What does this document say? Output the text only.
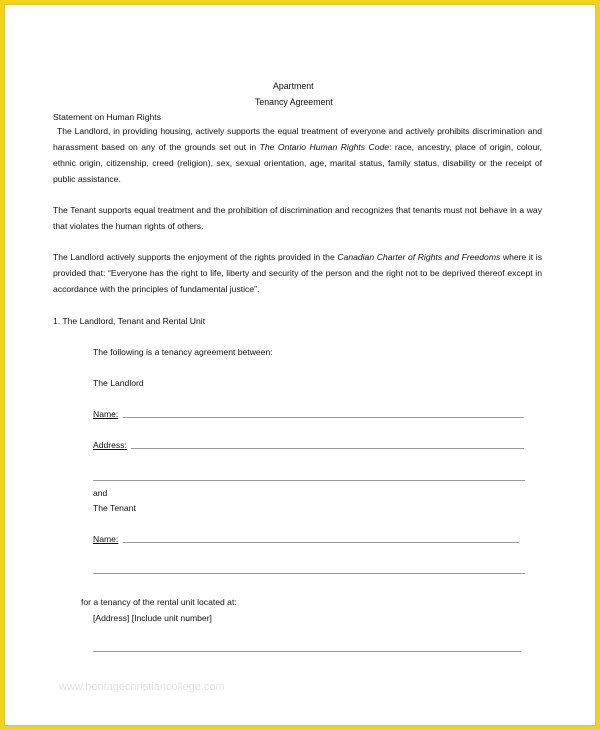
Apartment
Tenancy Agreement
Statement on Human Rights

The Landlord, in providing housing, actively supports the equal treatment of everyone and actively prohibits discrimination and harassment based on any of the grounds set out in The Ontario Human Rights Code: race, ancestry, place of origin, colour, ethnic origin, citizenship, creed (religion), sex, sexual orientation, age, marital status, family status, disability or the receipt of public assistance.

The Tenant supports equal treatment and the prohibition of discrimination and recognizes that tenants must not behave in a way that violates the human rights of others.

The Landlord actively supports the enjoyment of the rights provided in the Canadian Charter of Rights and Freedoms where it is provided that: “Everyone has the right to life, liberty and security of the person and the right not to be deprived thereof except in accordance with the principles of fundamental justice”.

1. The Landlord, Tenant and Rental Unit
The following is a tenancy agreement between:
The Landlord
Name:
Address:
and
The Tenant
Name:
for a tenancy of the rental unit located at:
[Address] [Include unit number]
www.heritagechristiancollege.com
